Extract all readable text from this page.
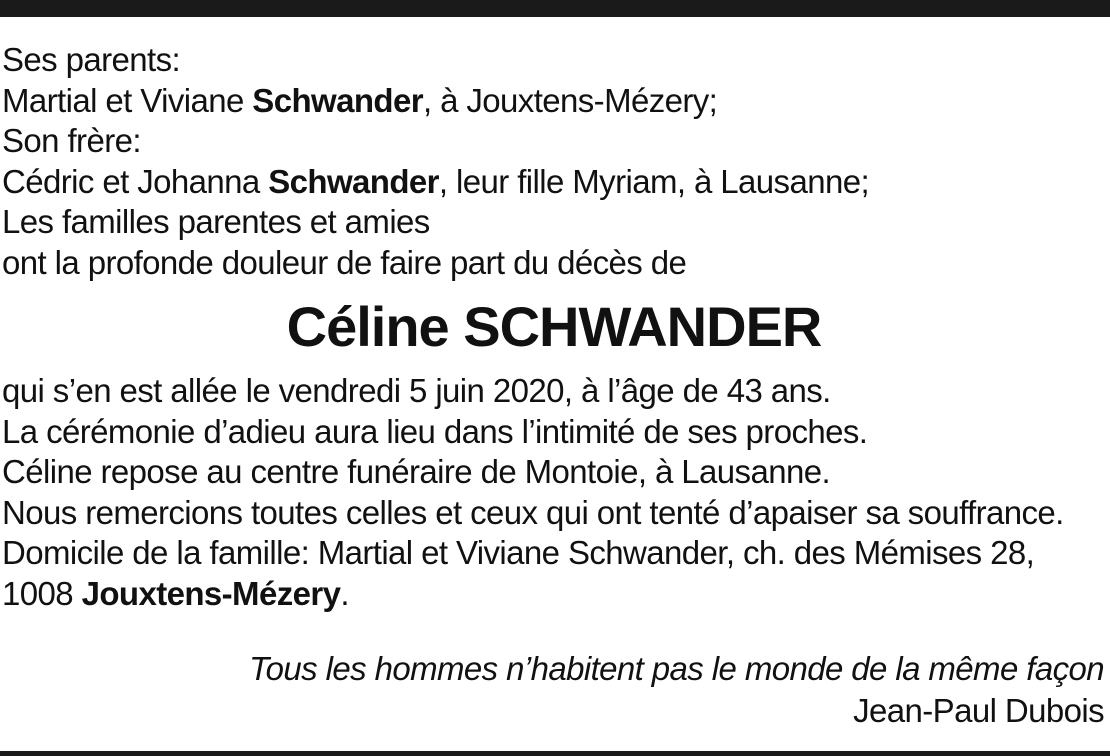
Ses parents:
Martial et Viviane Schwander, à Jouxtens-Mézery;
Son frère:
Cédric et Johanna Schwander, leur fille Myriam, à Lausanne;
Les familles parentes et amies
ont la profonde douleur de faire part du décès de
Céline SCHWANDER
qui s’en est allée le vendredi 5 juin 2020, à l’âge de 43 ans.
La cérémonie d’adieu aura lieu dans l’intimité de ses proches.
Céline repose au centre funéraire de Montoie, à Lausanne.
Nous remercions toutes celles et ceux qui ont tenté d’apaiser sa souffrance.
Domicile de la famille: Martial et Viviane Schwander, ch. des Mémises 28,
1008 Jouxtens-Mézery.
Tous les hommes n’habitent pas le monde de la même façon
Jean-Paul Dubois
